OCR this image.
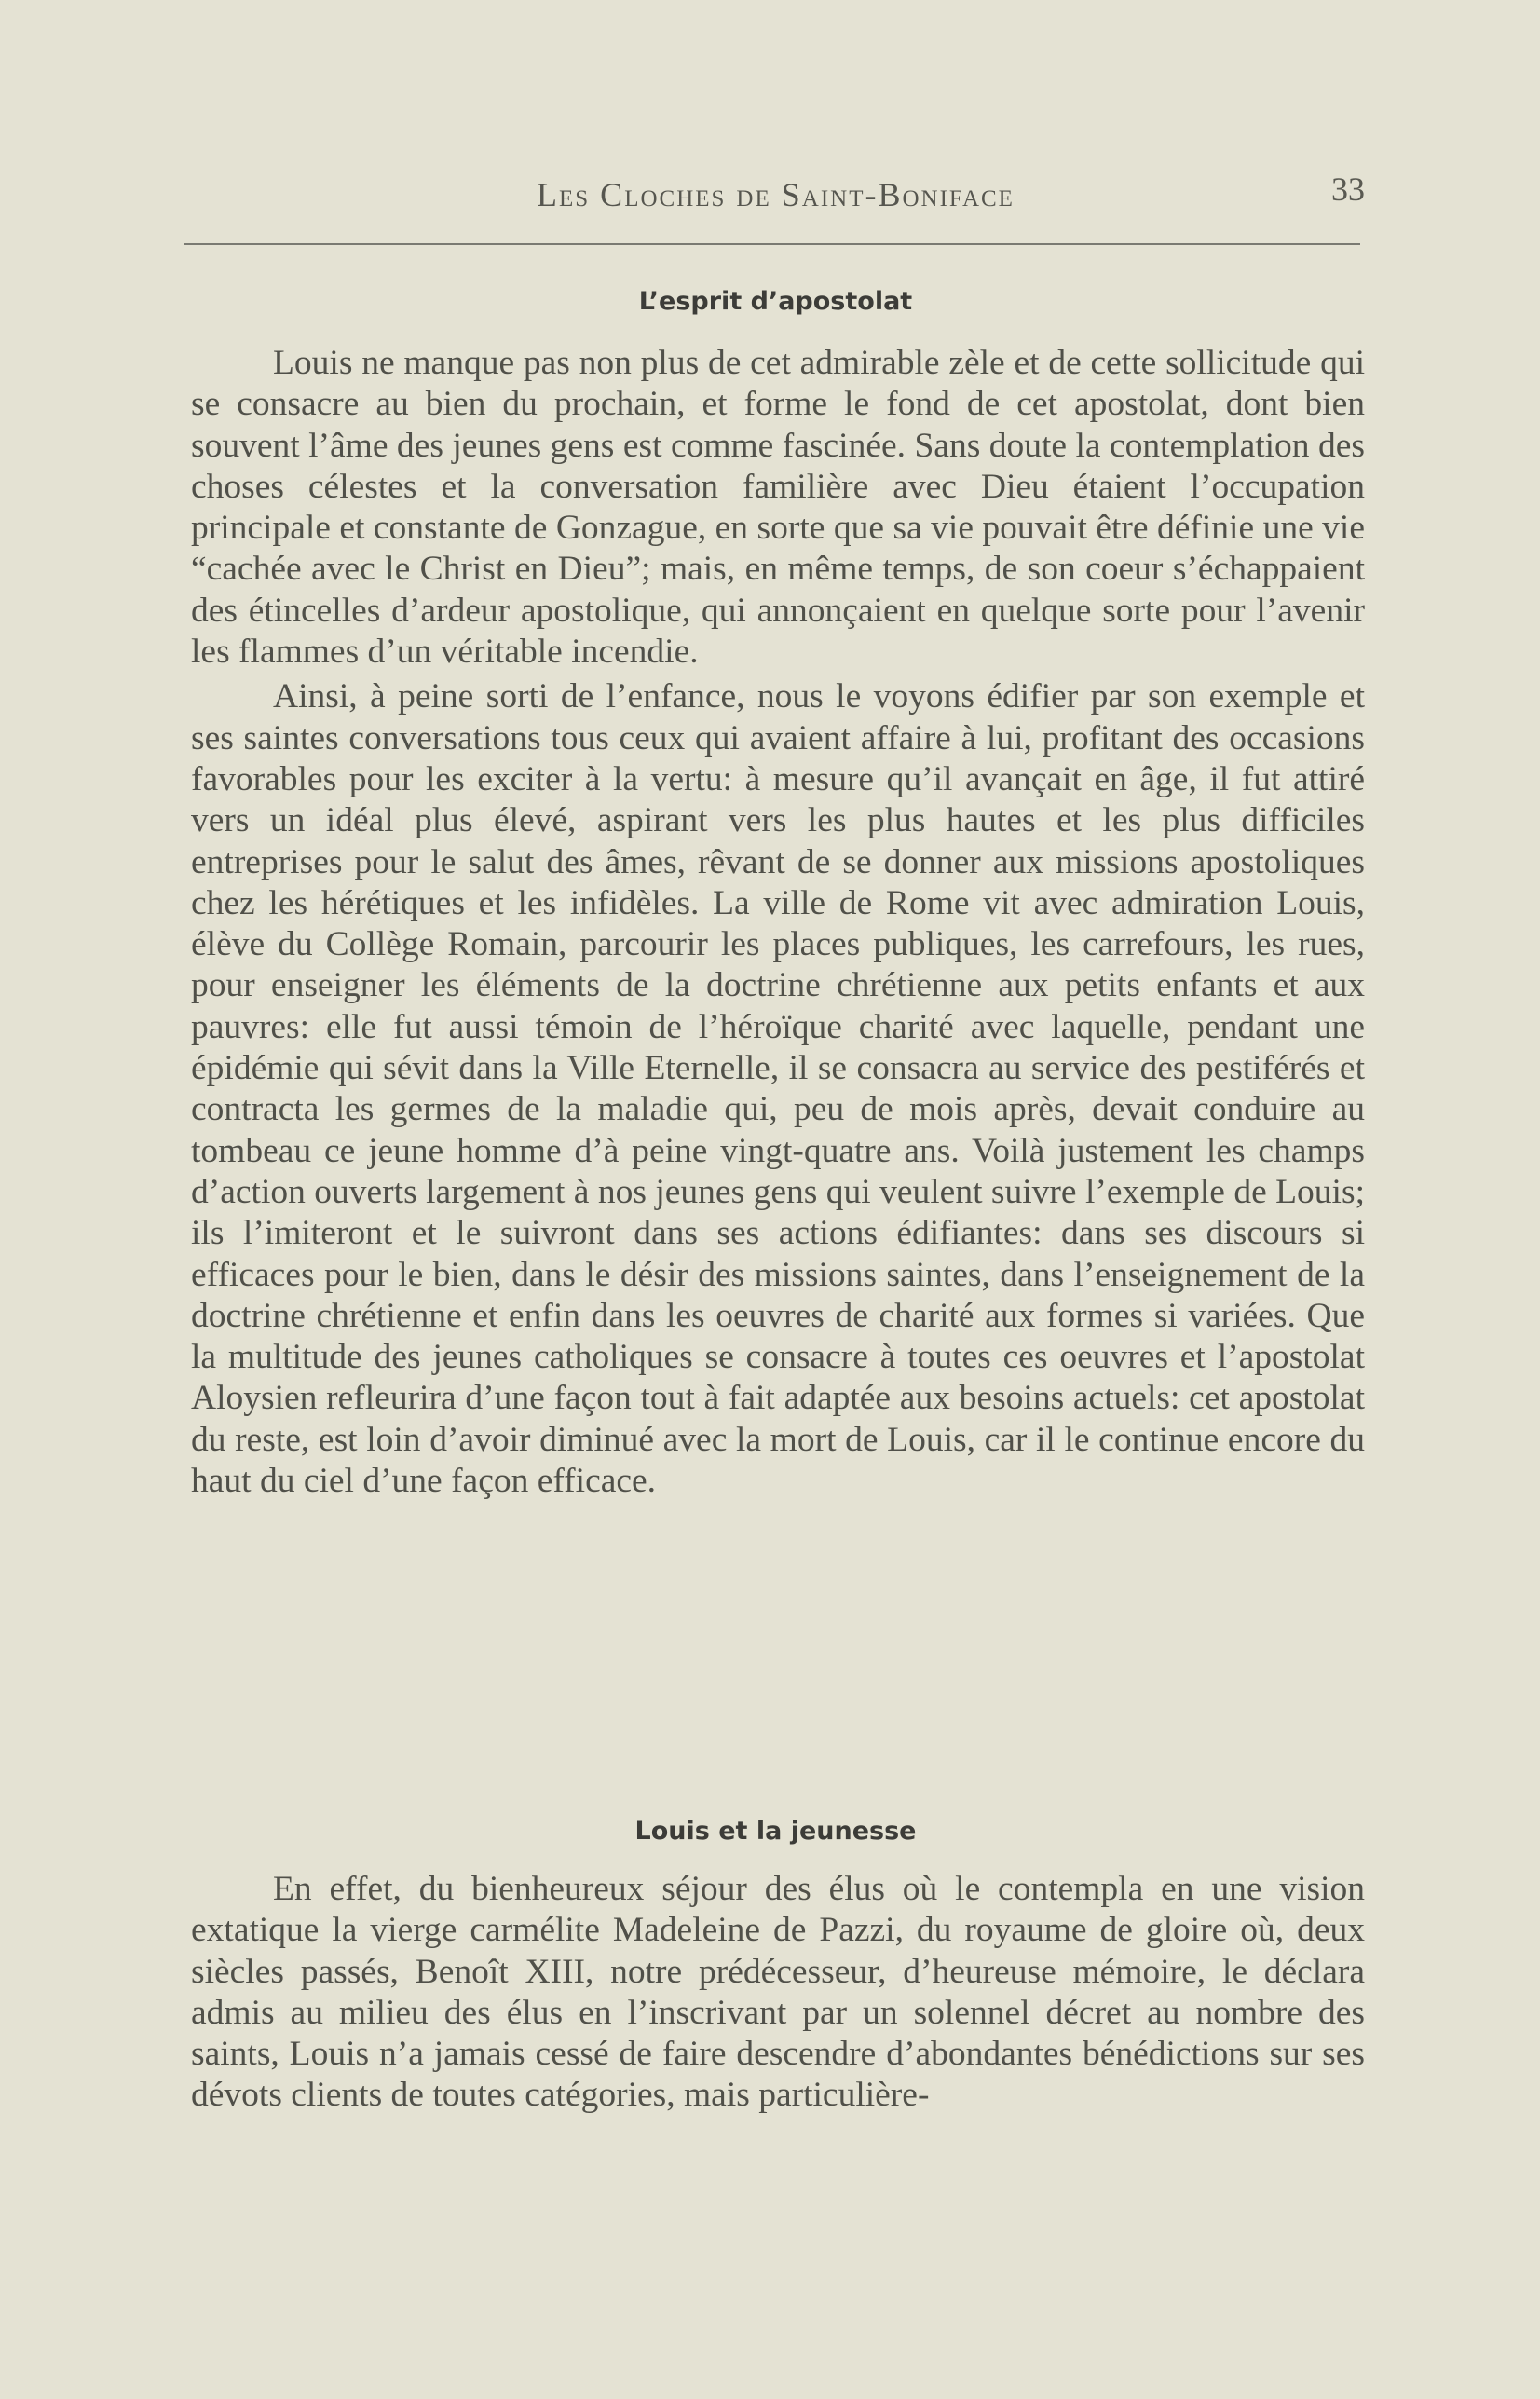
Les Cloches de Saint-Boniface	33
L’esprit d’apostolat

Louis ne manque pas non plus de cet admirable zèle et de cette sollicitude qui se consacre au bien du prochain, et forme le fond de cet apostolat, dont bien souvent l’âme des jeunes gens est comme fascinée. Sans doute la contemplation des choses célestes et la conversation familière avec Dieu étaient l’occupation principale et constante de Gonzague, en sorte que sa vie pouvait être définie une vie “cachée avec le Christ en Dieu”; mais, en même temps, de son coeur s’échappaient des étincelles d’ardeur apostolique, qui annonçaient en quelque sorte pour l’avenir les flammes d’un véritable incendie.

Ainsi, à peine sorti de l’enfance, nous le voyons édifier par son exemple et ses saintes conversations tous ceux qui avaient affaire à lui, profitant des occasions favorables pour les exciter à la vertu: à mesure qu’il avançait en âge, il fut attiré vers un idéal plus élevé, aspirant vers les plus hautes et les plus difficiles entreprises pour le salut des âmes, rêvant de se donner aux missions apostoliques chez les hérétiques et les infidèles. La ville de Rome vit avec admiration Louis, élève du Collège Romain, parcourir les places publiques, les carrefours, les rues, pour enseigner les éléments de la doctrine chrétienne aux petits enfants et aux pauvres: elle fut aussi témoin de l’héroïque charité avec laquelle, pendant une épidémie qui sévit dans la Ville Eternelle, il se consacra au service des pestiférés et contracta les germes de la maladie qui, peu de mois après, devait conduire au tombeau ce jeune homme d’à peine vingt-quatre ans. Voilà justement les champs d’action ouverts largement à nos jeunes gens qui veulent suivre l’exemple de Louis; ils l’imiteront et le suivront dans ses actions édifiantes: dans ses discours si efficaces pour le bien, dans le désir des missions saintes, dans l’enseignement de la doctrine chrétienne et enfin dans les oeuvres de charité aux formes si variées. Que la multitude des jeunes catholiques se consacre à toutes ces oeuvres et l’apostolat Aloysien refleurira d’une façon tout à fait adaptée aux besoins actuels: cet apostolat du reste, est loin d’avoir diminué avec la mort de Louis, car il le continue encore du haut du ciel d’une façon efficace.

Louis et la jeunesse

En effet, du bienheureux séjour des élus où le contempla en une vision extatique la vierge carmélite Madeleine de Pazzi, du royaume de gloire où, deux siècles passés, Benoît XIII, notre prédécesseur, d’heureuse mémoire, le déclara admis au milieu des élus en l’inscrivant par un solennel décret au nombre des saints, Louis n’a jamais cessé de faire descendre d’abondantes bénédictions sur ses dévots clients de toutes catégories, mais particulière-
